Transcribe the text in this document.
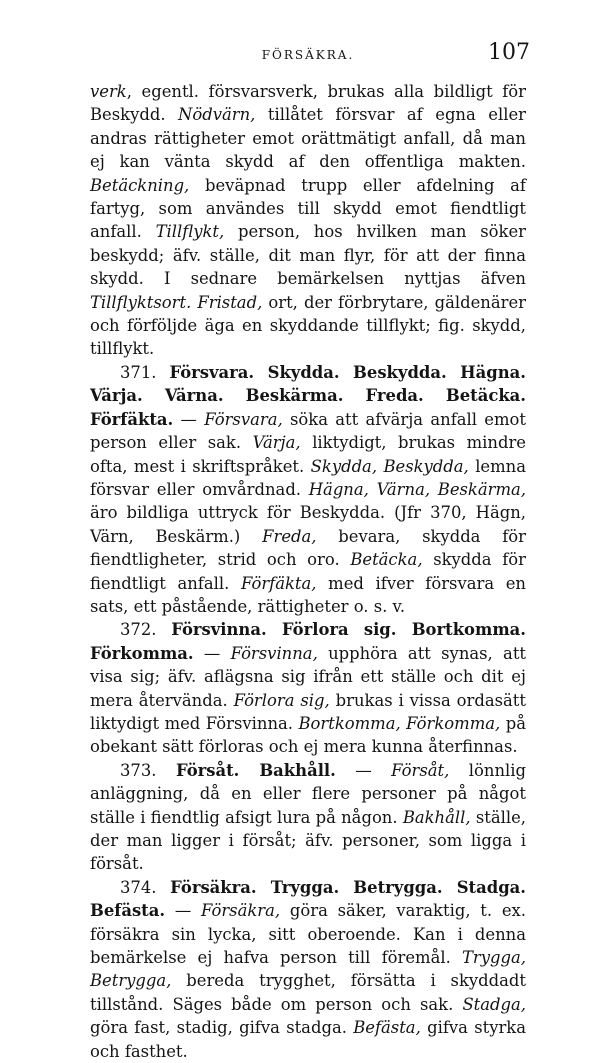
FÖRSÄKRA.	107

verk, egentl. försvarsverk, brukas alla bildligt för Beskydd. Nödvärn, tillåtet försvar af egna eller andras rättigheter emot orättmätigt anfall, då man ej kan vänta skydd af den offentliga makten. Betäckning, beväpnad trupp eller afdelning af fartyg, som användes till skydd emot fiendtligt anfall. Tillflykt, person, hos hvilken man söker beskydd; äfv. ställe, dit man flyr, för att der finna skydd. I sednare bemärkelsen nyttjas äfven Tillflyktsort. Fristad, ort, der förbrytare, gäldenärer och förföljde äga en skyddande tillflykt; fig. skydd, tillflykt.

371. Försvara. Skydda. Beskydda. Hägna. Värja. Värna. Beskärma. Freda. Betäcka. Förfäkta. — Försvara, söka att afvärja anfall emot person eller sak. Värja, liktydigt, brukas mindre ofta, mest i skriftspråket. Skydda, Beskydda, lemna försvar eller omvårdnad. Hägna, Värna, Beskärma, äro bildliga uttryck för Beskydda. (Jfr 370, Hägn, Värn, Beskärm.) Freda, bevara, skydda för fiendtligheter, strid och oro. Betäcka, skydda för fiendtligt anfall. Förfäkta, med ifver försvara en sats, ett påstående, rättigheter o. s. v.

372. Försvinna. Förlora sig. Bortkomma. Förkomma. — Försvinna, upphöra att synas, att visa sig; äfv. aflägsna sig ifrån ett ställe och dit ej mera återvända. Förlora sig, brukas i vissa ordasätt liktydigt med Försvinna. Bortkomma, Förkomma, på obekant sätt förloras och ej mera kunna återfinnas.

373. Försåt. Bakhåll. — Försåt, lönnlig anläggning, då en eller flere personer på något ställe i fiendtlig afsigt lura på någon. Bakhåll, ställe, der man ligger i försåt; äfv. personer, som ligga i försåt.

374. Försäkra. Trygga. Betrygga. Stadga. Befästa. — Försäkra, göra säker, varaktig, t. ex. försäkra sin lycka, sitt oberoende. Kan i denna bemärkelse ej hafva person till föremål. Trygga, Betrygga, bereda trygghet, försätta i skyddadt tillstånd. Säges både om person och sak. Stadga, göra fast, stadig, gifva stadga. Befästa, gifva styrka och fasthet.
